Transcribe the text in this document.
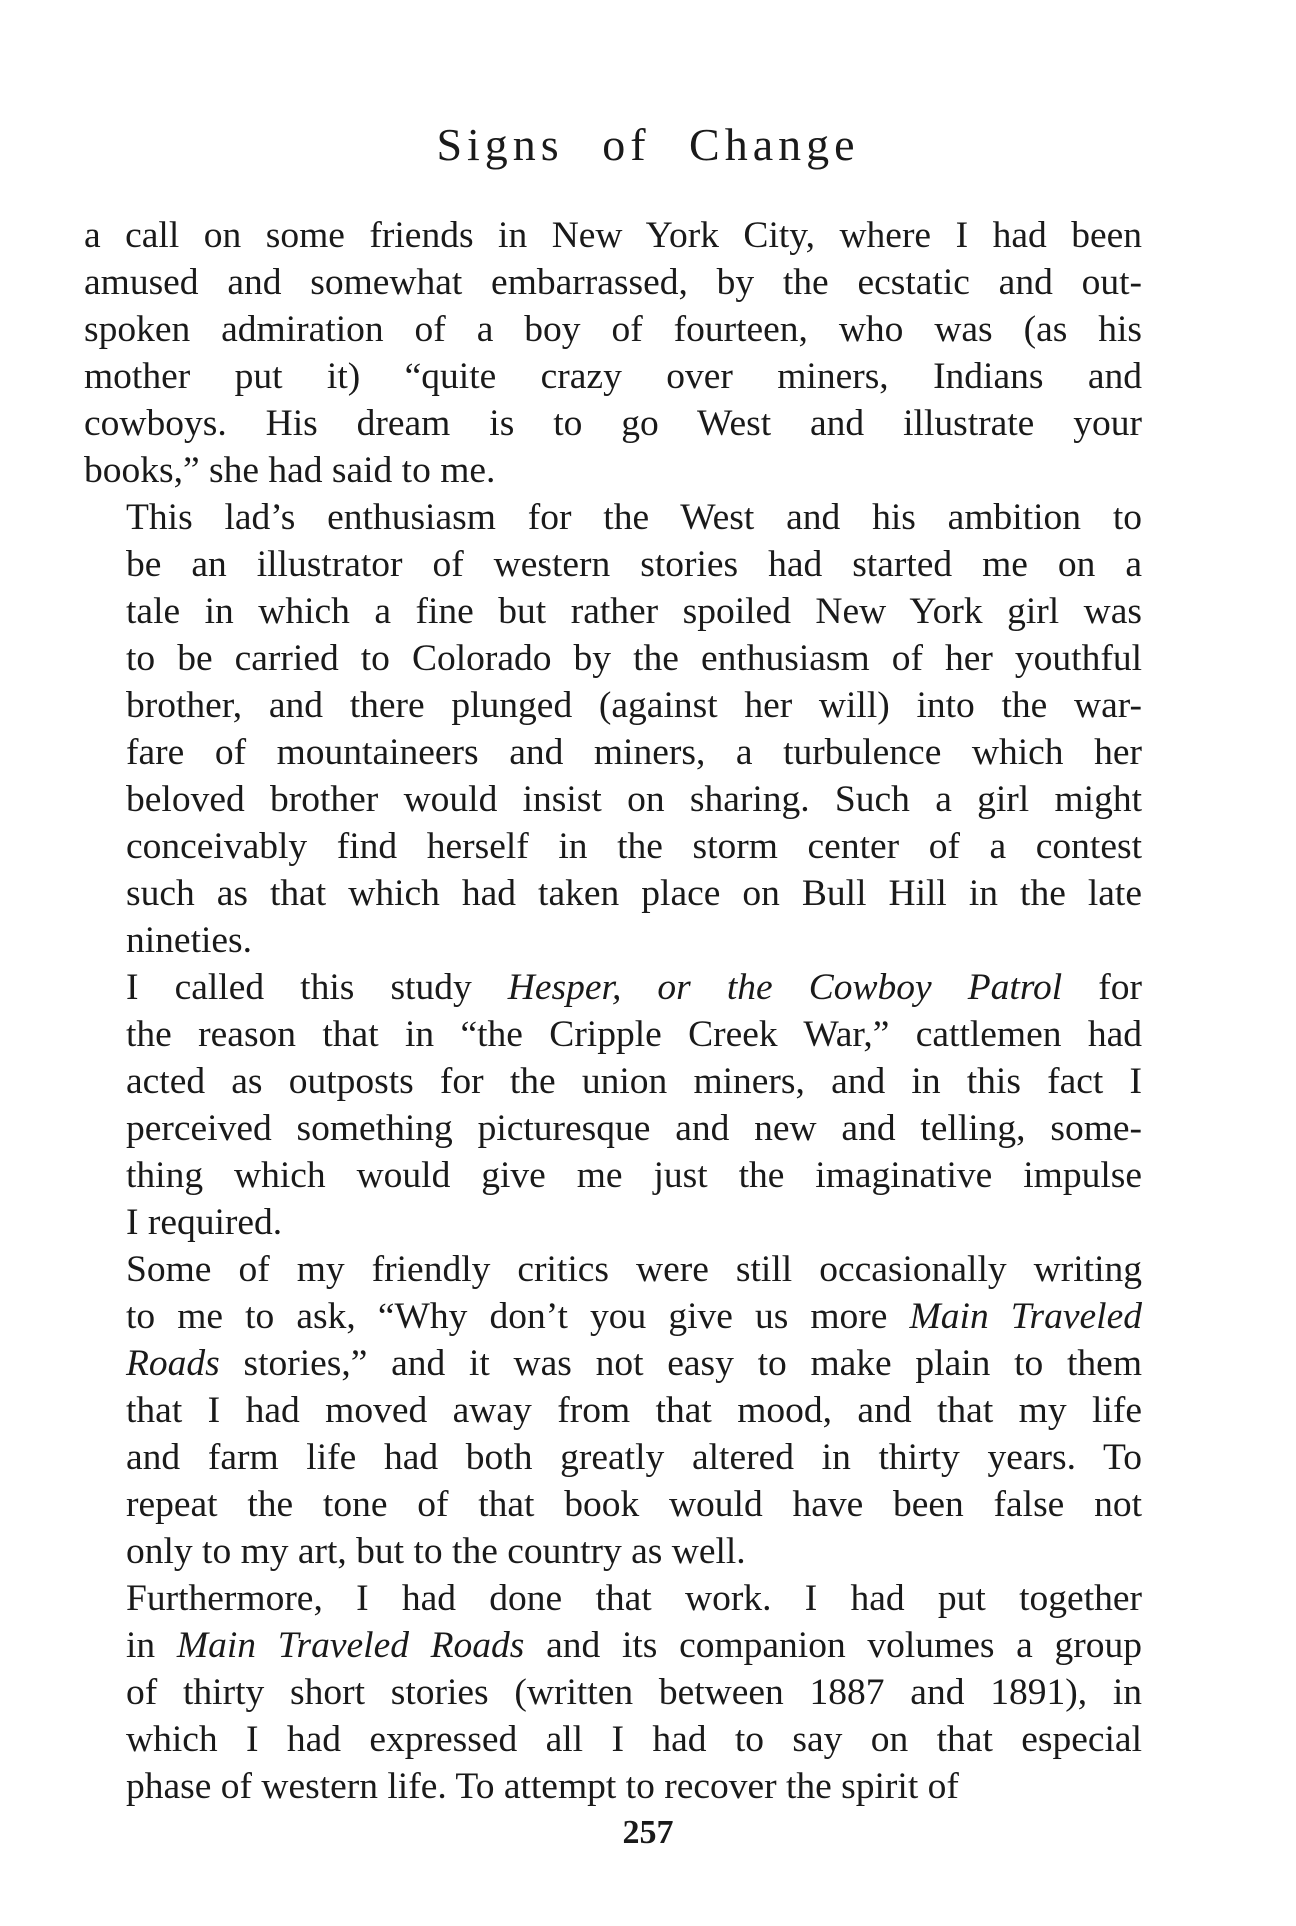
Signs of Change

a call on some friends in New York City, where I had been
amused and somewhat embarrassed, by the ecstatic and out-
spoken admiration of a boy of fourteen, who was (as his
mother put it) “quite crazy over miners, Indians and
cowboys. His dream is to go West and illustrate your
books,” she had said to me.

This lad’s enthusiasm for the West and his ambition to
be an illustrator of western stories had started me on a
tale in which a fine but rather spoiled New York girl was
to be carried to Colorado by the enthusiasm of her youthful
brother, and there plunged (against her will) into the war-
fare of mountaineers and miners, a turbulence which her
beloved brother would insist on sharing. Such a girl might
conceivably find herself in the storm center of a contest
such as that which had taken place on Bull Hill in the late
nineties.

I called this study Hesper, or the Cowboy Patrol for
the reason that in “the Cripple Creek War,” cattlemen had
acted as outposts for the union miners, and in this fact I
perceived something picturesque and new and telling, some-
thing which would give me just the imaginative impulse
I required.

Some of my friendly critics were still occasionally writing
to me to ask, “Why don’t you give us more Main Traveled
Roads stories,” and it was not easy to make plain to them
that I had moved away from that mood, and that my life
and farm life had both greatly altered in thirty years. To
repeat the tone of that book would have been false not
only to my art, but to the country as well.

Furthermore, I had done that work. I had put together
in Main Traveled Roads and its companion volumes a group
of thirty short stories (written between 1887 and 1891), in
which I had expressed all I had to say on that especial
phase of western life. To attempt to recover the spirit of

257
